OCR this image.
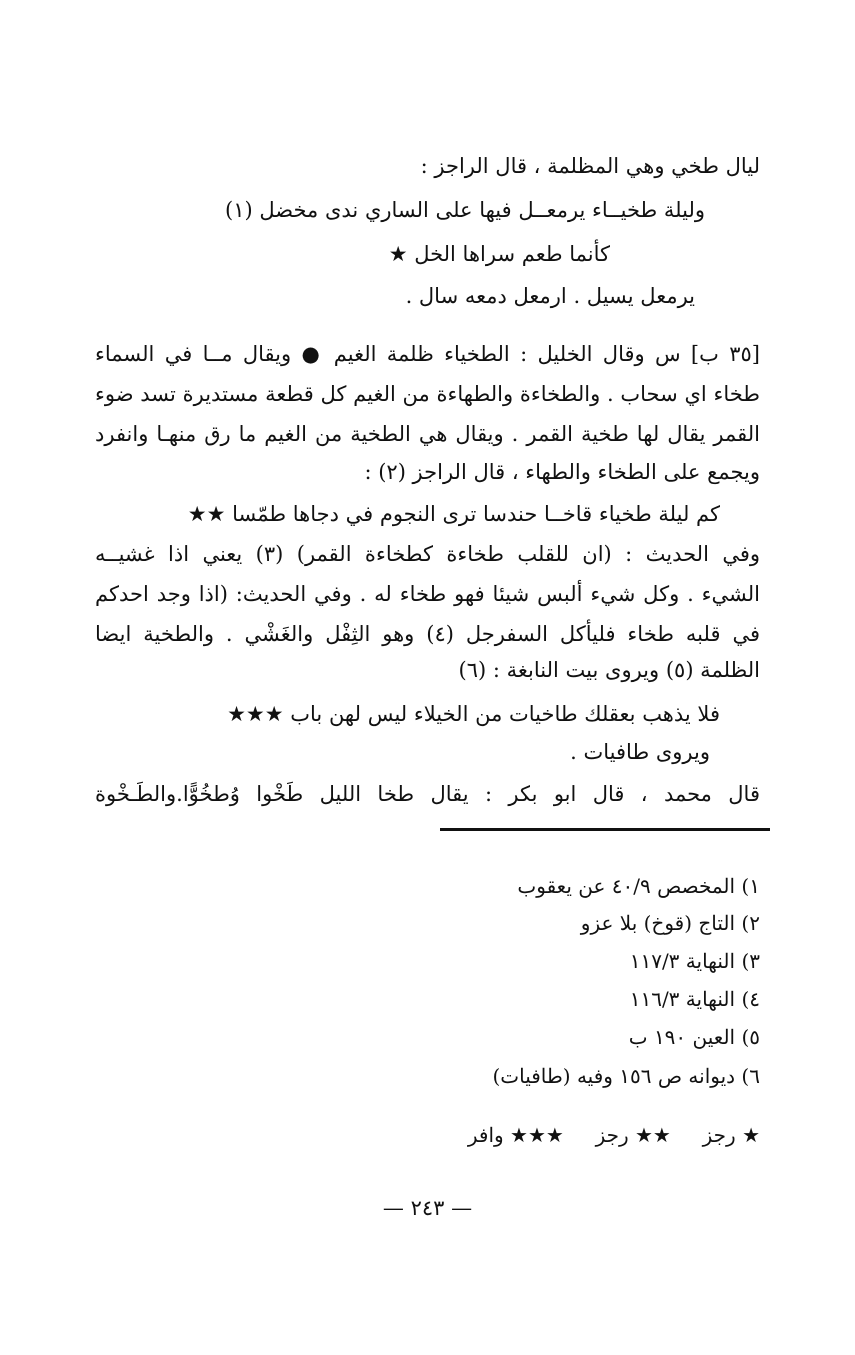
ليال طخي وهي المظلمة ، قال الراجز :
وليلة طخيــاء يرمعــل فيها على الساري ندى مخضل (١)
كأنما طعم سراها الخل ★
يرمعل يسيل . ارمعل دمعه سال .
[٣٥ ب] س وقال الخليل : الطخياء ظلمة الغيم ● ويقال مــا في السماء
طخاء اي سحاب . والطخاءة والطهاءة من الغيم كل قطعة مستديرة تسد ضوء
القمر يقال لها طخية القمر . ويقال هي الطخية من الغيم ما رق منهـا وانفرد
ويجمع على الطخاء والطهاء ، قال الراجز (٢) :
كم ليلة طخياء قاخــا حندسا ترى النجوم في دجاها طمّسا ★★
وفي الحديث : (ان للقلب طخاءة كطخاءة القمر) (٣) يعني اذا غشيــه
الشيء . وكل شيء ألبس شيئا فهو طخاء له . وفي الحديث: (اذا وجد احدكم
في قلبه طخاء فليأكل السفرجل (٤) وهو الثِفْل والغَشْي . والطخية ايضا
الظلمة (٥) ويروى بيت النابغة : (٦)
فلا يذهب بعقلك طاخيات من الخيلاء ليس لهن باب ★★★
ويروى طافيات .
قال محمد ، قال ابو بكر : يقال طخا الليل طَخْوا وُطخُوًّا.والطَـخْوة
١) المخصص ٤٠/٩ عن يعقوب
٢) التاج (قوخ) بلا عزو
٣) النهاية ١١٧/٣
٤) النهاية ١١٦/٣
٥) العين ١٩٠ ب
٦) ديوانه ص ١٥٦ وفيه (طافيات)
★ رجز     ★★ رجز     ★★★ وافر
— ٢٤٣ —
